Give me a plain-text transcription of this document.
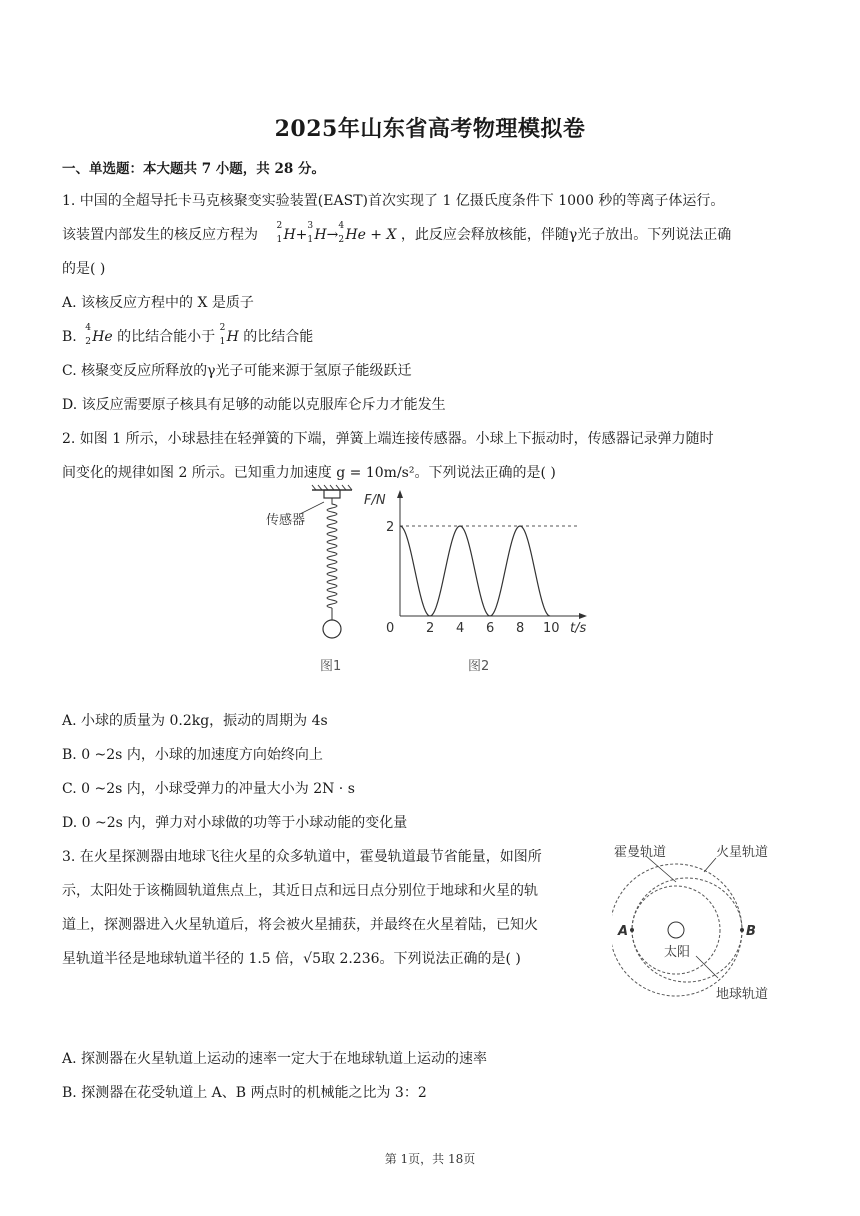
2025年山东省高考物理模拟卷
一、单选题：本大题共 7 小题，共 28 分。
1. 中国的全超导托卡马克核聚变实验装置(EAST)首次实现了 1 亿摄氏度条件下 1000 秒的等离子体运行。
该装置内部发生的核反应方程为
2
1 H+
3
1 H→
4
2 He + X ，此反应会释放核能，伴随γ光子放出。下列说法正确
的是( )
A. 该核反应方程中的 X 是质子
B.
4
2 He 的比结合能小于
2
1 H 的比结合能
C. 核聚变反应所释放的γ光子可能来源于氢原子能级跃迁
D. 该反应需要原子核具有足够的动能以克服库仑斥力才能发生
2. 如图 1 所示，小球悬挂在轻弹簧的下端，弹簧上端连接传感器。小球上下振动时，传感器记录弹力随时
间变化的规律如图 2 所示。已知重力加速度 g = 10m/s²。下列说法正确的是( )
传感器
图1
F/N
t/s
0 2 4 6 8 10
2
图2
A. 小球的质量为 0.2kg，振动的周期为 4s
B. 0 ~2s 内，小球的加速度方向始终向上
C. 0 ~2s 内，小球受弹力的冲量大小为 2N · s
D. 0 ~2s 内，弹力对小球做的功等于小球动能的变化量
3. 在火星探测器由地球飞往火星的众多轨道中，霍曼轨道最节省能量，如图所
示，太阳处于该椭圆轨道焦点上，其近日点和远日点分别位于地球和火星的轨
道上，探测器进入火星轨道后，将会被火星捕获，并最终在火星着陆，已知火
星轨道半径是地球轨道半径的 1.5 倍，√5取 2.236。下列说法正确的是( )
霍曼轨道	火星轨道
太阳
地球轨道
A	B
A. 探测器在火星轨道上运动的速率一定大于在地球轨道上运动的速率
B. 探测器在花受轨道上 A、B 两点时的机械能之比为 3：2
第 1页，共 18页
